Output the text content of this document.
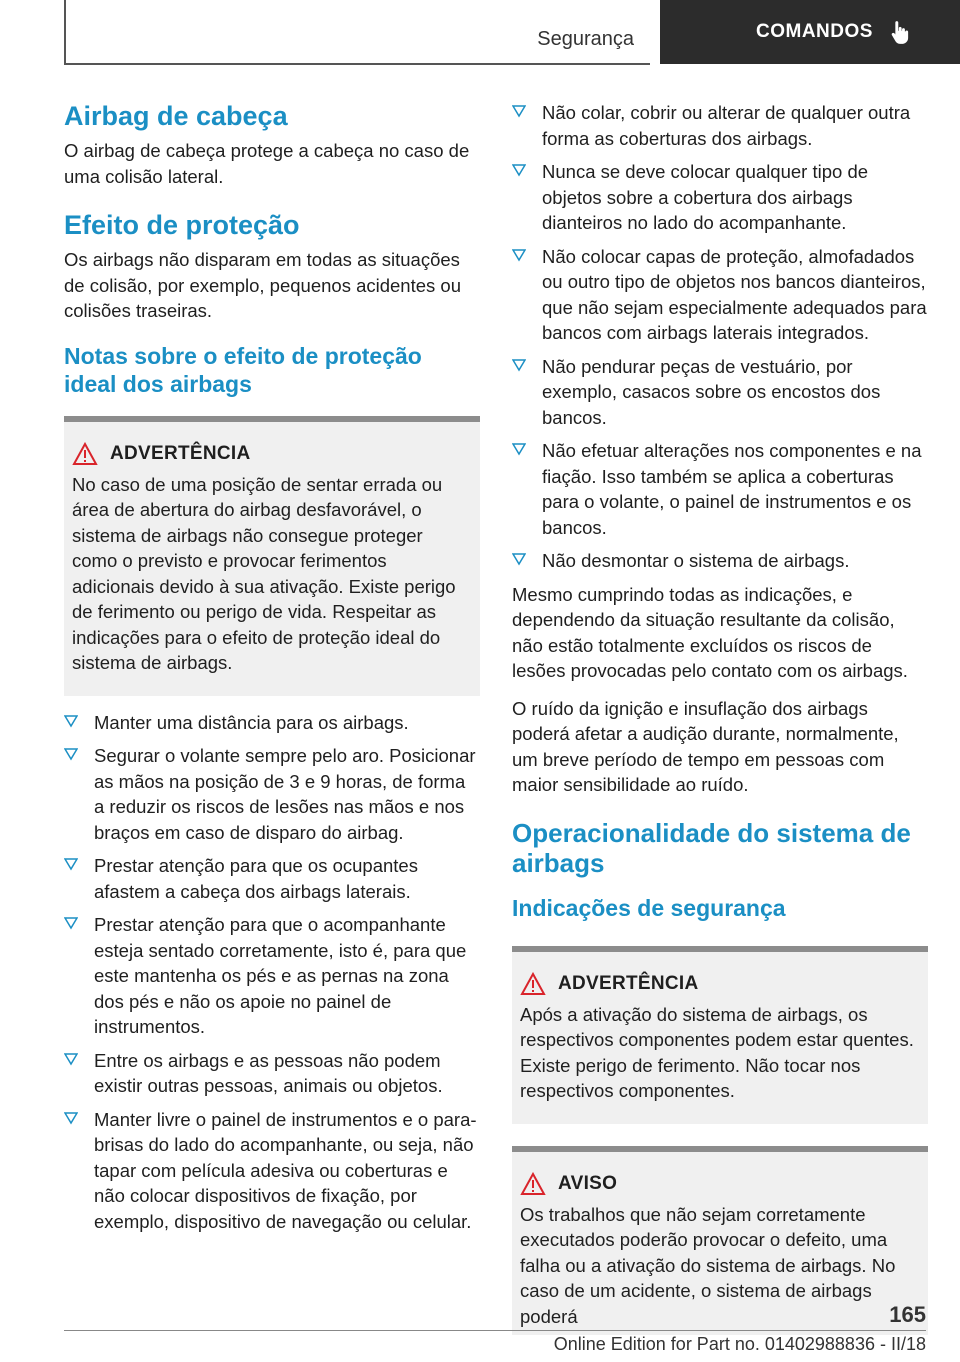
Segurança	COMANDOS
Airbag de cabeça
O airbag de cabeça protege a cabeça no caso de uma colisão lateral.
Efeito de proteção
Os airbags não disparam em todas as situações de colisão, por exemplo, pequenos acidentes ou colisões traseiras.
Notas sobre o efeito de proteção ideal dos airbags
ADVERTÊNCIA
No caso de uma posição de sentar errada ou área de abertura do airbag desfavorável, o sistema de airbags não consegue proteger como o previsto e provocar ferimentos adicionais devido à sua ativação. Existe perigo de ferimento ou perigo de vida. Respeitar as indicações para o efeito de proteção ideal do sistema de airbags.
Manter uma distância para os airbags.
Segurar o volante sempre pelo aro. Posicionar as mãos na posição de 3 e 9 horas, de forma a reduzir os riscos de lesões nas mãos e nos braços em caso de disparo do airbag.
Prestar atenção para que os ocupantes afastem a cabeça dos airbags laterais.
Prestar atenção para que o acompanhante esteja sentado corretamente, isto é, para que este mantenha os pés e as pernas na zona dos pés e não os apoie no painel de instrumentos.
Entre os airbags e as pessoas não podem existir outras pessoas, animais ou objetos.
Manter livre o painel de instrumentos e o para-brisas do lado do acompanhante, ou seja, não tapar com película adesiva ou coberturas e não colocar dispositivos de fixação, por exemplo, dispositivo de navegação ou celular.
Não colar, cobrir ou alterar de qualquer outra forma as coberturas dos airbags.
Nunca se deve colocar qualquer tipo de objetos sobre a cobertura dos airbags dianteiros no lado do acompanhante.
Não colocar capas de proteção, almofadados ou outro tipo de objetos nos bancos dianteiros, que não sejam especialmente adequados para bancos com airbags laterais integrados.
Não pendurar peças de vestuário, por exemplo, casacos sobre os encostos dos bancos.
Não efetuar alterações nos componentes e na fiação. Isso também se aplica a coberturas para o volante, o painel de instrumentos e os bancos.
Não desmontar o sistema de airbags.
Mesmo cumprindo todas as indicações, e dependendo da situação resultante da colisão, não estão totalmente excluídos os riscos de lesões provocadas pelo contato com os airbags.
O ruído da ignição e insuflação dos airbags poderá afetar a audição durante, normalmente, um breve período de tempo em pessoas com maior sensibilidade ao ruído.
Operacionalidade do sistema de airbags
Indicações de segurança
ADVERTÊNCIA
Após a ativação do sistema de airbags, os respectivos componentes podem estar quentes. Existe perigo de ferimento. Não tocar nos respectivos componentes.
AVISO
Os trabalhos que não sejam corretamente executados poderão provocar o defeito, uma falha ou a ativação do sistema de airbags. No caso de um acidente, o sistema de airbags poderá	165
Online Edition for Part no. 01402988836 - II/18
